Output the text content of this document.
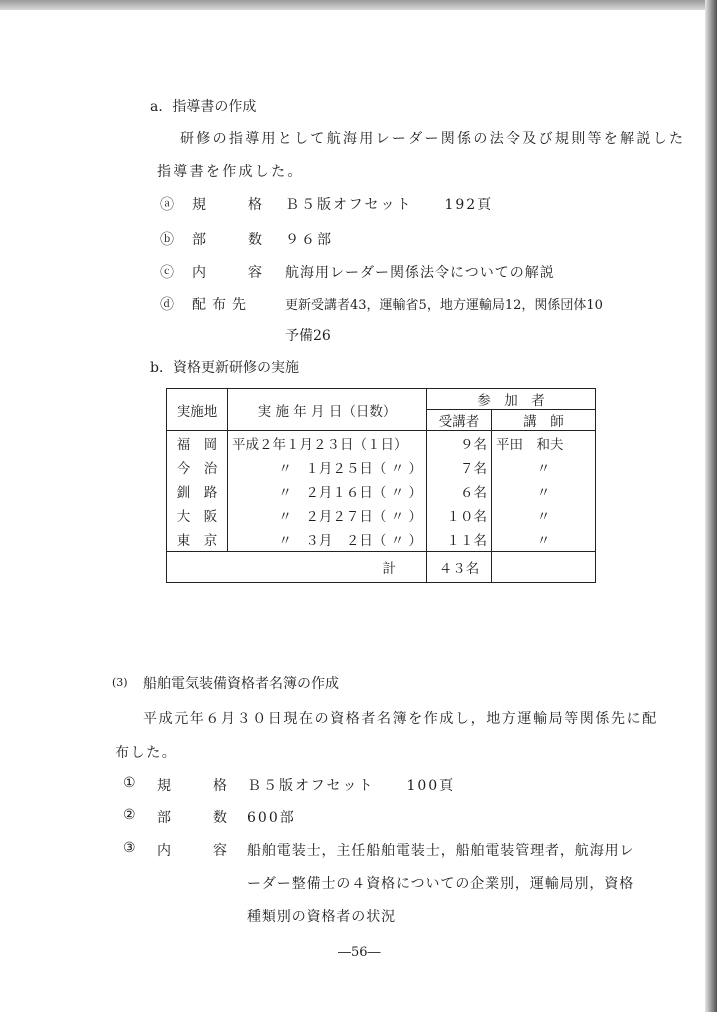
a．指導書の作成
研修の指導用として航海用レーダー関係の法令及び規則等を解説した
指導書を作成した。
ⓐ 規　格 Ｂ５版オフセット　　192頁
ⓑ 部　数 ９６部
ⓒ 内　容 航海用レーダー関係法令についての解説
ⓓ 配布先	更新受講者43，運輸省5，地方運輸局12，関係団体10
予備26
b．資格更新研修の実施
実施地	実 施 年 月 日（日数）	参　加　者	
		受講者	講　師
福　岡	平成２年１月２３日（１日）	９名	平田　和夫
今　治	〃　１月２５日（ 〃 ）	７名	〃
釧　路	〃　２月１６日（ 〃 ）	６名	〃
大　阪	〃　２月２７日（ 〃 ）	１０名	〃
東　京	〃　３月　２日（ 〃 ）	１１名	〃
計		４３名	
(3) 船舶電気装備資格者名簿の作成
平成元年６月３０日現在の資格者名簿を作成し，地方運輸局等関係先に配
布した。
① 規　格 Ｂ５版オフセット　　100頁
② 部　数 600部
③ 内　容 船舶電装士，主任船舶電装士，船舶電装管理者，航海用レ
ーダー整備士の４資格についての企業別，運輸局別，資格
種類別の資格者の状況
―56―
